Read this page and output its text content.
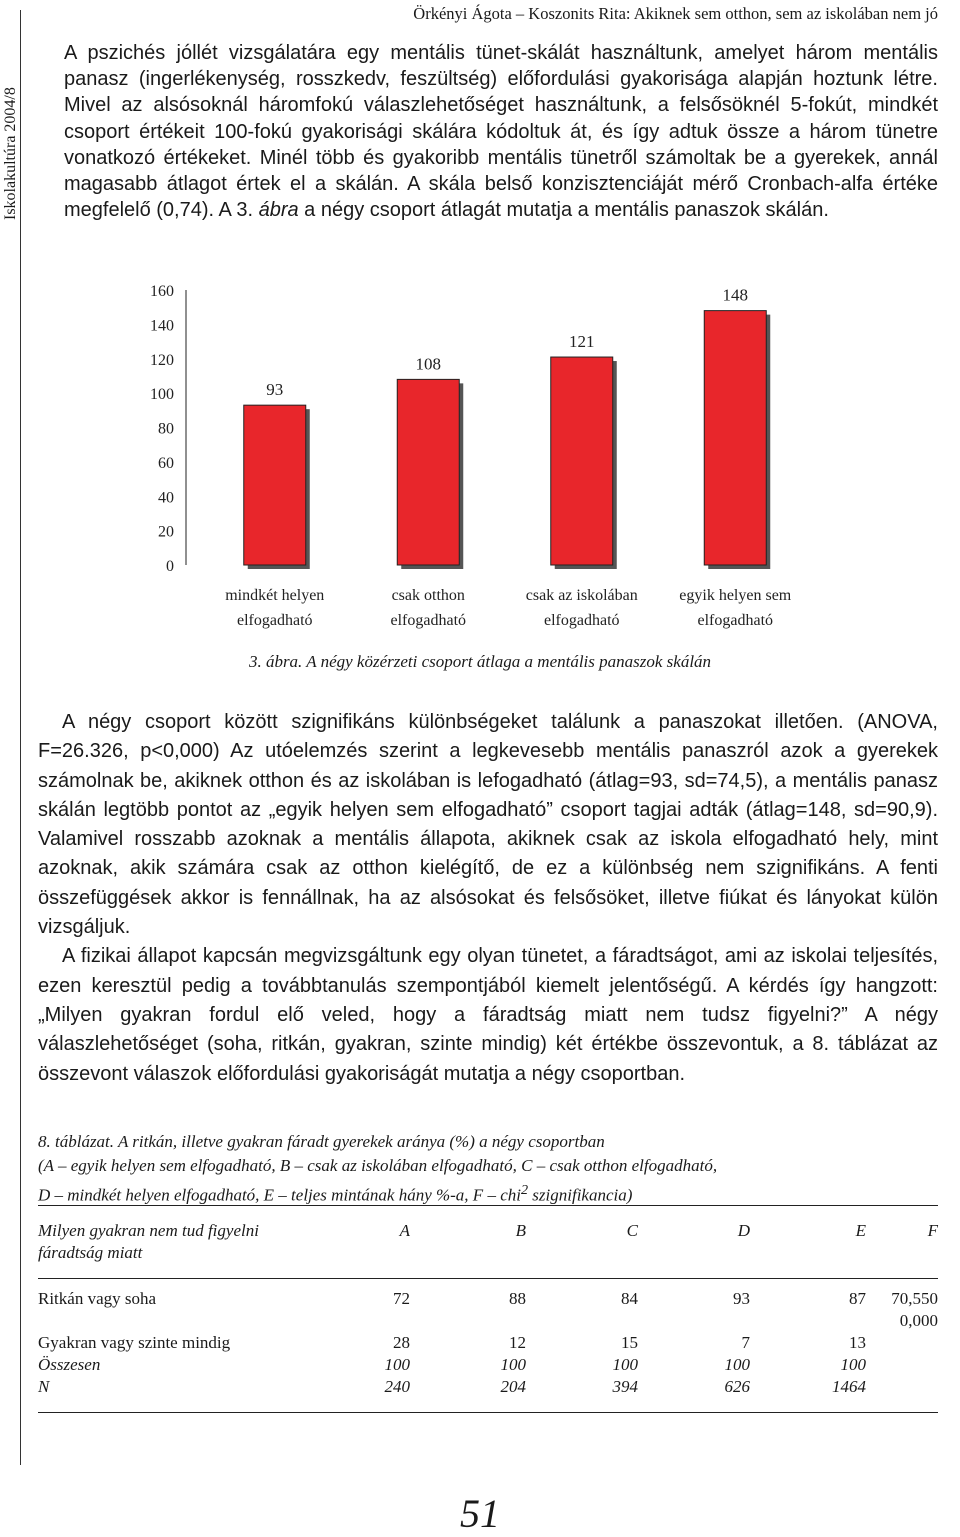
Iskolakultúra 2004/8
Örkényi Ágota – Koszonits Rita: Akiknek sem otthon, sem az iskolában nem jó

A pszichés jóllét vizsgálatára egy mentális tünet-skálát használtunk, amelyet három mentális panasz (ingerlékenység, rosszkedv, feszültség) előfordulási gyakorisága alapján hoztunk létre. Mivel az alsósoknál háromfokú válaszlehetőséget használtunk, a felsősöknél 5-fokút, mindkét csoport értékeit 100-fokú gyakorisági skálára kódoltuk át, és így adtuk össze a három tünetre vonatkozó értékeket. Minél több és gyakoribb mentális tünetről számoltak be a gyerekek, annál magasabb átlagot értek el a skálán. A skála belső konzisztenciáját mérő Cronbach-alfa értéke megfelelő (0,74). A 3. ábra a négy csoport átlagát mutatja a mentális panaszok skálán.

0
20
40
60
80
100
120
140
160
93
mindkét helyen
elfogadható
108
csak otthon
elfogadható
121
csak az iskolában
elfogadható
148
egyik helyen sem
elfogadható
3. ábra. A négy közérzeti csoport átlaga a mentális panaszok skálán

A négy csoport között szignifikáns különbségeket találunk a panaszokat illetően. (ANOVA, F=26.326, p<0,000) Az utóelemzés szerint a legkevesebb mentális panaszról azok a gyerekek számolnak be, akiknek otthon és az iskolában is lefogadható (átlag=93, sd=74,5), a mentális panasz skálán legtöbb pontot az „egyik helyen sem elfogadható” csoport tagjai adták (átlag=148, sd=90,9). Valamivel rosszabb azoknak a mentális állapota, akiknek csak az iskola elfogadható hely, mint azoknak, akik számára csak az otthon kielégítő, de ez a különbség nem szignifikáns. A fenti összefüggések akkor is fennállnak, ha az alsósokat és felsősöket, illetve fiúkat és lányokat külön vizsgáljuk.

A fizikai állapot kapcsán megvizsgáltunk egy olyan tünetet, a fáradtságot, ami az iskolai teljesítés, ezen keresztül pedig a továbbtanulás szempontjából kiemelt jelentőségű. A kérdés így hangzott: „Milyen gyakran fordul elő veled, hogy a fáradtság miatt nem tudsz figyelni?” A négy válaszlehetőséget (soha, ritkán, gyakran, szinte mindig) két értékbe összevontuk, a 8. táblázat az összevont válaszok előfordulási gyakoriságát mutatja a négy csoportban.

8. táblázat. A ritkán, illetve gyakran fáradt gyerekek aránya (%) a négy csoportban
(A – egyik helyen sem elfogadható, B – csak az iskolában elfogadható, C – csak otthon elfogadható,
D – mindkét helyen elfogadható, E – teljes mintának hány %-a, F – chi$^2$ szignifikancia)
Milyen gyakran nem tud figyelni
fáradtság miatt
	A	B	C	D	E	F
Ritkán vagy soha	72	88	84	93	87	70,550
						0,000
Gyakran vagy szinte mindig	28	12	15	7	13	
Összesen	100	100	100	100	100	
N	240	204	394	626	1464	
51
